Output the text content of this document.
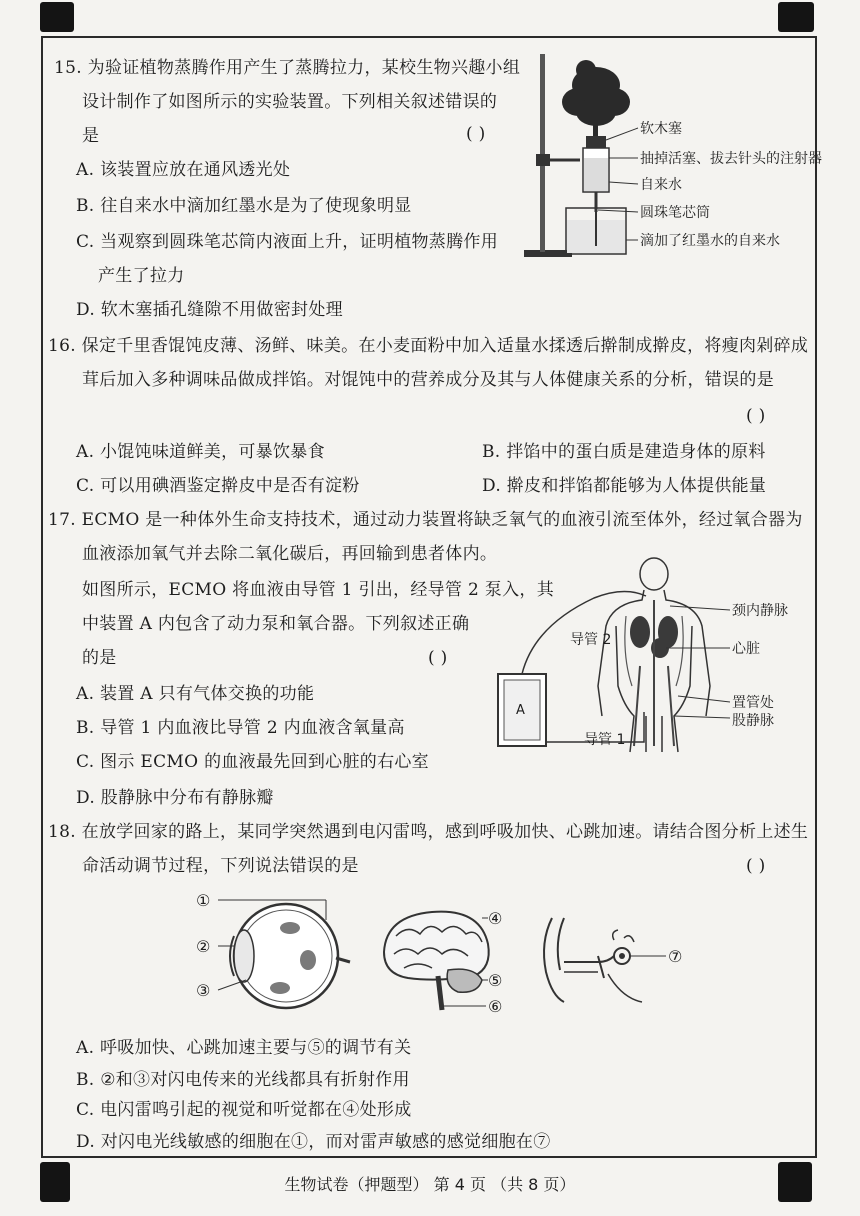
15. 为验证植物蒸腾作用产生了蒸腾拉力，某校生物兴趣小组
设计制作了如图所示的实验装置。下列相关叙述错误的
是	( )
A. 该装置应放在通风透光处
B. 往自来水中滴加红墨水是为了使现象明显
C. 当观察到圆珠笔芯筒内液面上升，证明植物蒸腾作用
产生了拉力
D. 软木塞插孔缝隙不用做密封处理
软木塞
抽掉活塞、拔去针头的注射器
自来水
圆珠笔芯筒
滴加了红墨水的自来水
16. 保定千里香馄饨皮薄、汤鲜、味美。在小麦面粉中加入适量水揉透后擀制成擀皮，将瘦肉剁碎成
茸后加入多种调味品做成拌馅。对馄饨中的营养成分及其与人体健康关系的分析，错误的是
( )
A. 小馄饨味道鲜美，可暴饮暴食	B. 拌馅中的蛋白质是建造身体的原料
C. 可以用碘酒鉴定擀皮中是否有淀粉	D. 擀皮和拌馅都能够为人体提供能量
17. ECMO 是一种体外生命支持技术，通过动力装置将缺乏氧气的血液引流至体外，经过氧合器为
血液添加氧气并去除二氧化碳后，再回输到患者体内。
如图所示，ECMO 将血液由导管 1 引出，经导管 2 泵入，其
中装置 A 内包含了动力泵和氧合器。下列叙述正确
的是	( )
A. 装置 A 只有气体交换的功能
B. 导管 1 内血液比导管 2 内血液含氧量高
C. 图示 ECMO 的血液最先回到心脏的右心室
D. 股静脉中分布有静脉瓣
A
导管 2
导管 1
颈内静脉
心脏
置管处
股静脉
18. 在放学回家的路上，某同学突然遇到电闪雷鸣，感到呼吸加快、心跳加速。请结合图分析上述生
命活动调节过程，下列说法错误的是	( )
①
②
③
④
⑤
⑥
⑦
A. 呼吸加快、心跳加速主要与⑤的调节有关
B. ②和③对闪电传来的光线都具有折射作用
C. 电闪雷鸣引起的视觉和听觉都在④处形成
D. 对闪电光线敏感的细胞在①，而对雷声敏感的感觉细胞在⑦
生物试卷（押题型） 第 4 页 （共 8 页）
